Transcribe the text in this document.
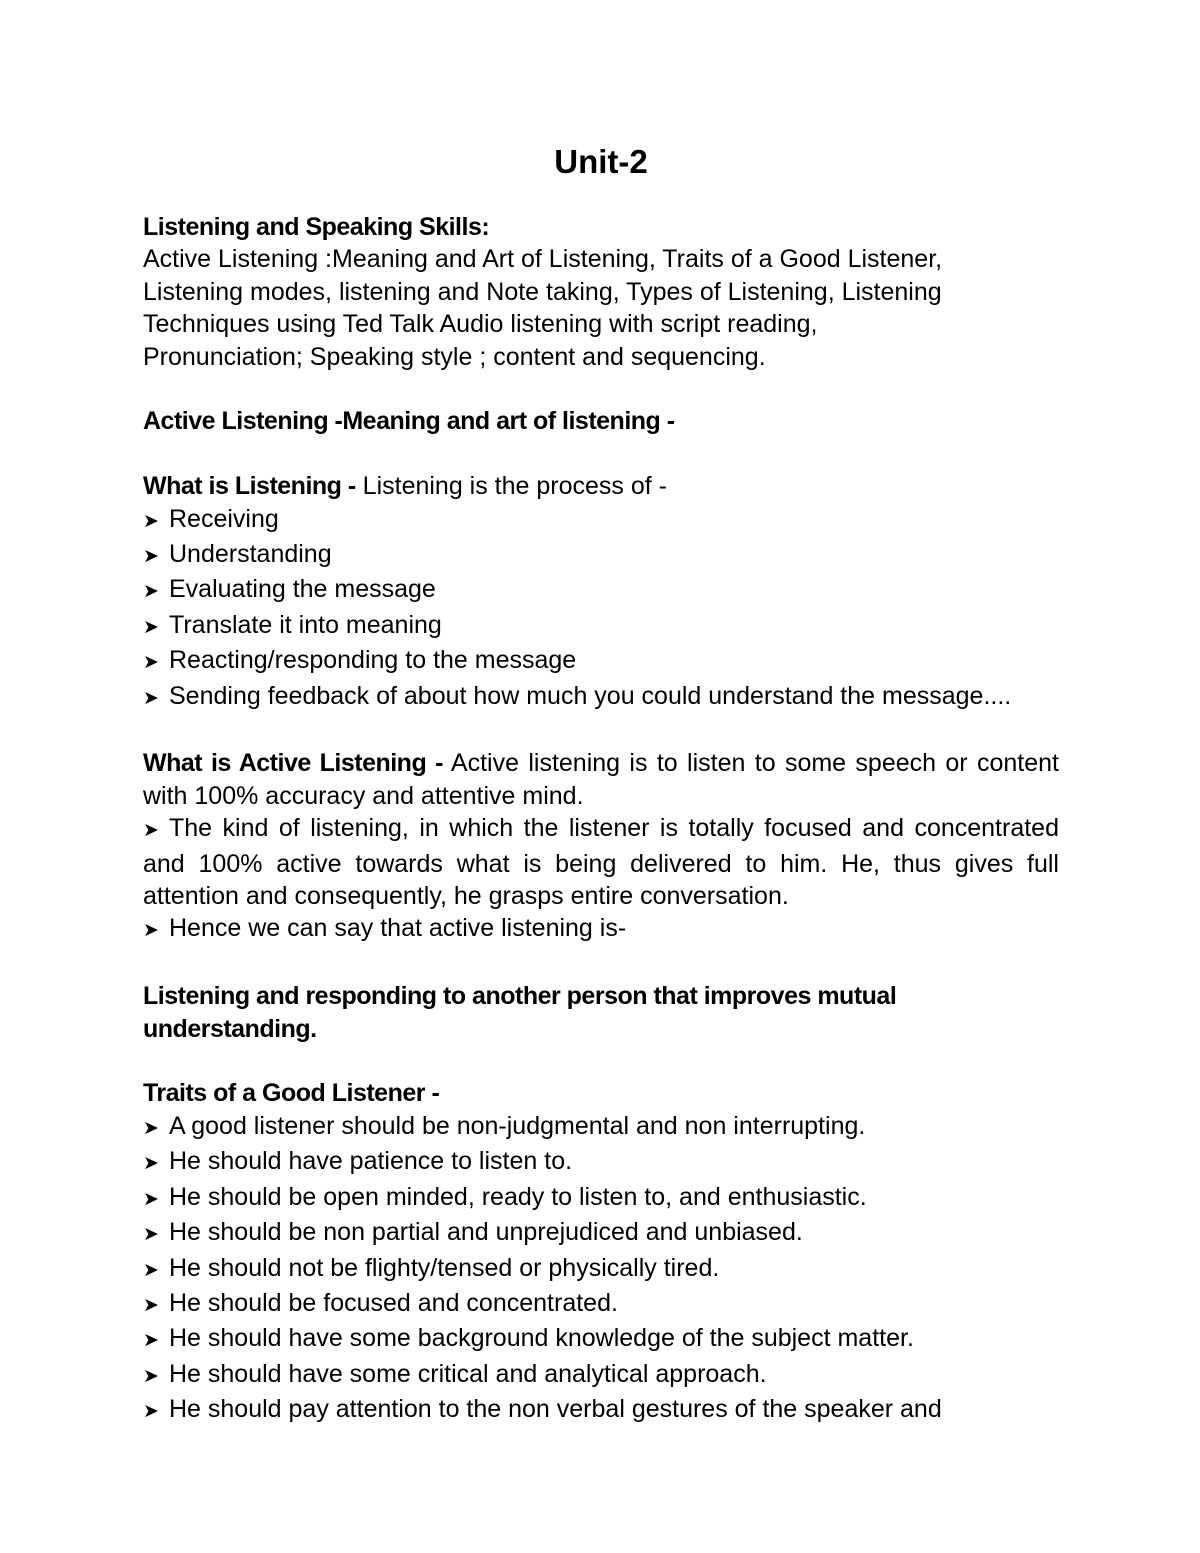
Unit-2

Listening and Speaking Skills:

Active Listening :Meaning and Art of Listening, Traits of a Good Listener,

Listening modes, listening and Note taking, Types of Listening, Listening

Techniques using Ted Talk Audio listening with script reading,

Pronunciation; Speaking style ; content and sequencing.

Active Listening -Meaning and art of listening -

What is Listening - Listening is the process of -

➤ Receiving
➤ Understanding
➤ Evaluating the message
➤ Translate it into meaning
➤ Reacting/responding to the message
➤ Sending feedback of about how much you could understand the message....

What is Active Listening - Active listening is to listen to some speech or content with 100% accuracy and attentive mind.

➤ The kind of listening, in which the listener is totally focused and concentrated and 100% active towards what is being delivered to him. He, thus gives full attention and consequently, he grasps entire conversation.
➤ Hence we can say that active listening is-

Listening and responding to another person that improves mutual understanding.

Traits of a Good Listener -

➤ A good listener should be non-judgmental and non interrupting.
➤ He should have patience to listen to.
➤ He should be open minded, ready to listen to, and enthusiastic.
➤ He should be non partial and unprejudiced and unbiased.
➤ He should not be flighty/tensed or physically tired.
➤ He should be focused and concentrated.
➤ He should have some background knowledge of the subject matter.
➤ He should have some critical and analytical approach.
➤ He should pay attention to the non verbal gestures of the speaker and
